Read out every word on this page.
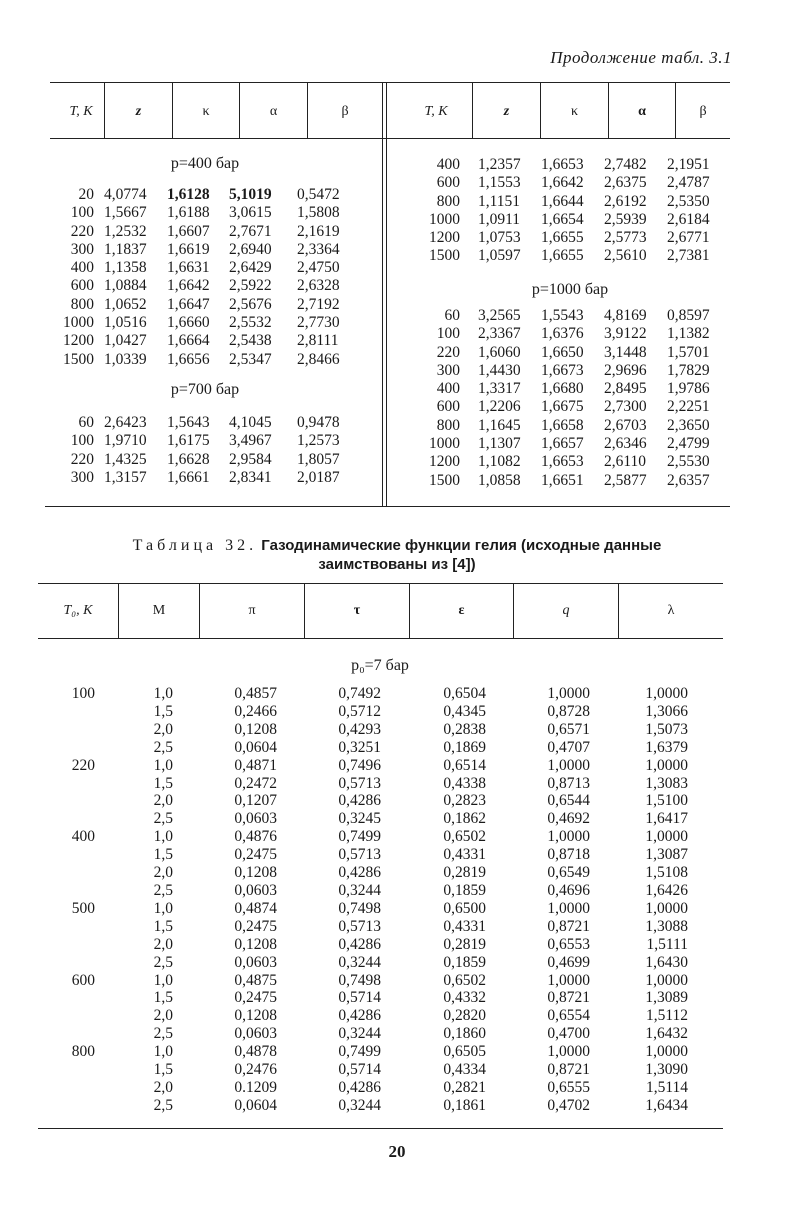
Продолжение табл. 3.1
T, K	z	κ	α	β	T, K	z	κ	α	β
p=400 бар
p=700 бар
p=1000 бар
20	4,0774	1,6128	5,1019	0,5472
100	1,5667	1,6188	3,0615	1,5808
220	1,2532	1,6607	2,7671	2,1619
300	1,1837	1,6619	2,6940	2,3364
400	1,1358	1,6631	2,6429	2,4750
600	1,0884	1,6642	2,5922	2,6328
800	1,0652	1,6647	2,5676	2,7192
1000	1,0516	1,6660	2,5532	2,7730
1200	1,0427	1,6664	2,5438	2,8111
1500	1,0339	1,6656	2,5347	2,8466
60	2,6423	1,5643	4,1045	0,9478
100	1,9710	1,6175	3,4967	1,2573
220	1,4325	1,6628	2,9584	1,8057
300	1,3157	1,6661	2,8341	2,0187
400	1,2357	1,6653	2,7482	2,1951
600	1,1553	1,6642	2,6375	2,4787
800	1,1151	1,6644	2,6192	2,5350
1000	1,0911	1,6654	2,5939	2,6184
1200	1,0753	1,6655	2,5773	2,6771
1500	1,0597	1,6655	2,5610	2,7381
60	3,2565	1,5543	4,8169	0,8597
100	2,3367	1,6376	3,9122	1,1382
220	1,6060	1,6650	3,1448	1,5701
300	1,4430	1,6673	2,9696	1,7829
400	1,3317	1,6680	2,8495	1,9786
600	1,2206	1,6675	2,7300	2,2251
800	1,1645	1,6658	2,6703	2,3650
1000	1,1307	1,6657	2,6346	2,4799
1200	1,1082	1,6653	2,6110	2,5530
1500	1,0858	1,6651	2,5877	2,6357
Таблица 32. Газодинамические функции гелия (исходные данные
заимствованы из [4])
T₀, K	M	π	τ	ε	q	λ
p₀=7 бар
100	1,0	0,4857	0,7492	0,6504	1,0000	1,0000
	1,5	0,2466	0,5712	0,4345	0,8728	1,3066
	2,0	0,1208	0,4293	0,2838	0,6571	1,5073
	2,5	0,0604	0,3251	0,1869	0,4707	1,6379
220	1,0	0,4871	0,7496	0,6514	1,0000	1,0000
	1,5	0,2472	0,5713	0,4338	0,8713	1,3083
	2,0	0,1207	0,4286	0,2823	0,6544	1,5100
	2,5	0,0603	0,3245	0,1862	0,4692	1,6417
400	1,0	0,4876	0,7499	0,6502	1,0000	1,0000
	1,5	0,2475	0,5713	0,4331	0,8718	1,3087
	2,0	0,1208	0,4286	0,2819	0,6549	1,5108
	2,5	0,0603	0,3244	0,1859	0,4696	1,6426
500	1,0	0,4874	0,7498	0,6500	1,0000	1,0000
	1,5	0,2475	0,5713	0,4331	0,8721	1,3088
	2,0	0,1208	0,4286	0,2819	0,6553	1,5111
	2,5	0,0603	0,3244	0,1859	0,4699	1,6430
600	1,0	0,4875	0,7498	0,6502	1,0000	1,0000
	1,5	0,2475	0,5714	0,4332	0,8721	1,3089
	2,0	0,1208	0,4286	0,2820	0,6554	1,5112
	2,5	0,0603	0,3244	0,1860	0,4700	1,6432
800	1,0	0,4878	0,7499	0,6505	1,0000	1,0000
	1,5	0,2476	0,5714	0,4334	0,8721	1,3090
	2,0	0.1209	0,4286	0,2821	0,6555	1,5114
	2,5	0,0604	0,3244	0,1861	0,4702	1,6434
20
